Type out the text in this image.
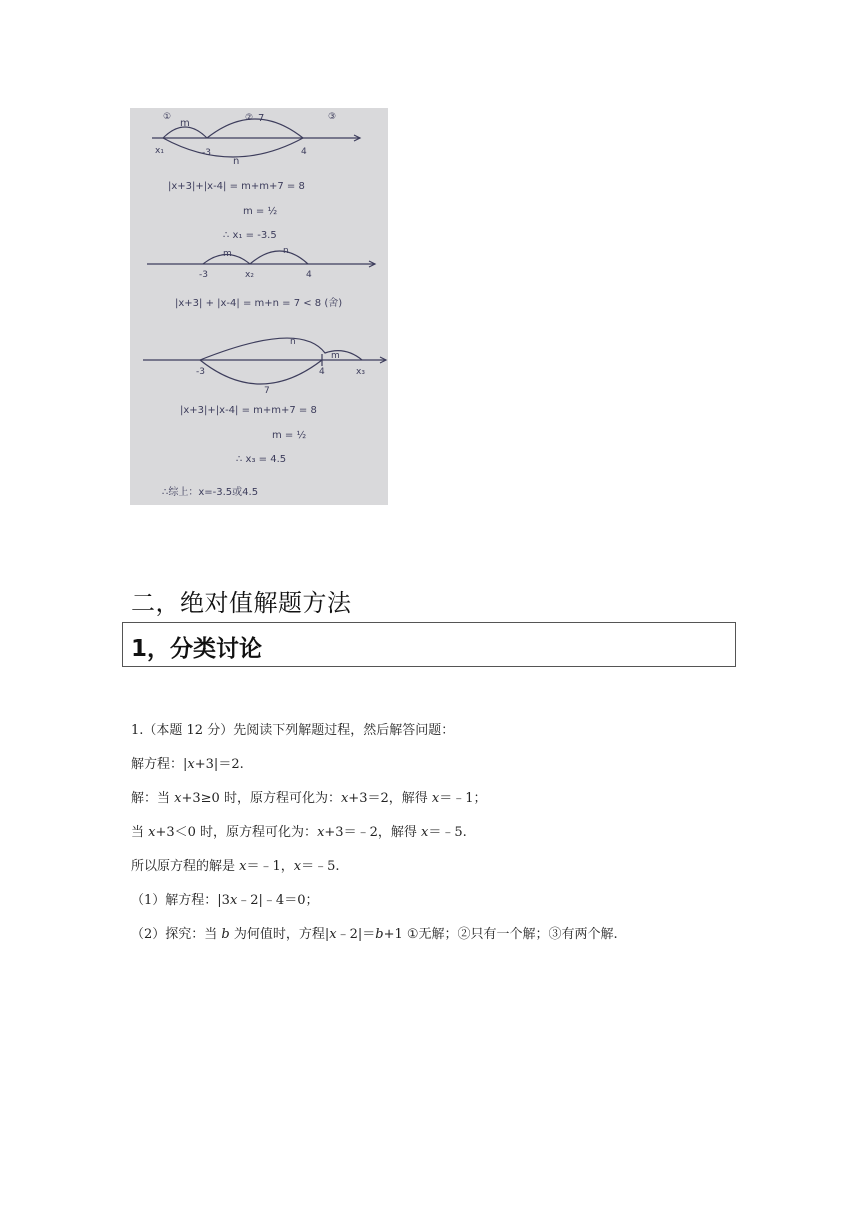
①	② 7	③
m
x₁	-3
n
4
|x+3|+|x-4| = m+m+7 = 8
m = ½
∴ x₁ = -3.5
m	n
-3	x₂	4
|x+3| + |x-4| = m+n = 7 < 8 (舍)
n
m
-3	4	x₃
7
|x+3|+|x-4| = m+m+7 = 8
m = ½
∴ x₃ = 4.5
∴综上：x=-3.5或4.5
二，绝对值解题方法
1，分类讨论
1.（本题 12 分）先阅读下列解题过程，然后解答问题：
解方程：|x+3|＝2.
解：当 x+3≥0 时，原方程可化为：x+3＝2，解得 x＝﹣1；
当 x+3＜0 时，原方程可化为：x+3＝﹣2，解得 x＝﹣5.
所以原方程的解是 x＝﹣1，x＝﹣5.
（1）解方程：|3x﹣2|﹣4＝0；
（2）探究：当 b 为何值时，方程|x﹣2|＝b+1 ①无解；②只有一个解；③有两个解.
